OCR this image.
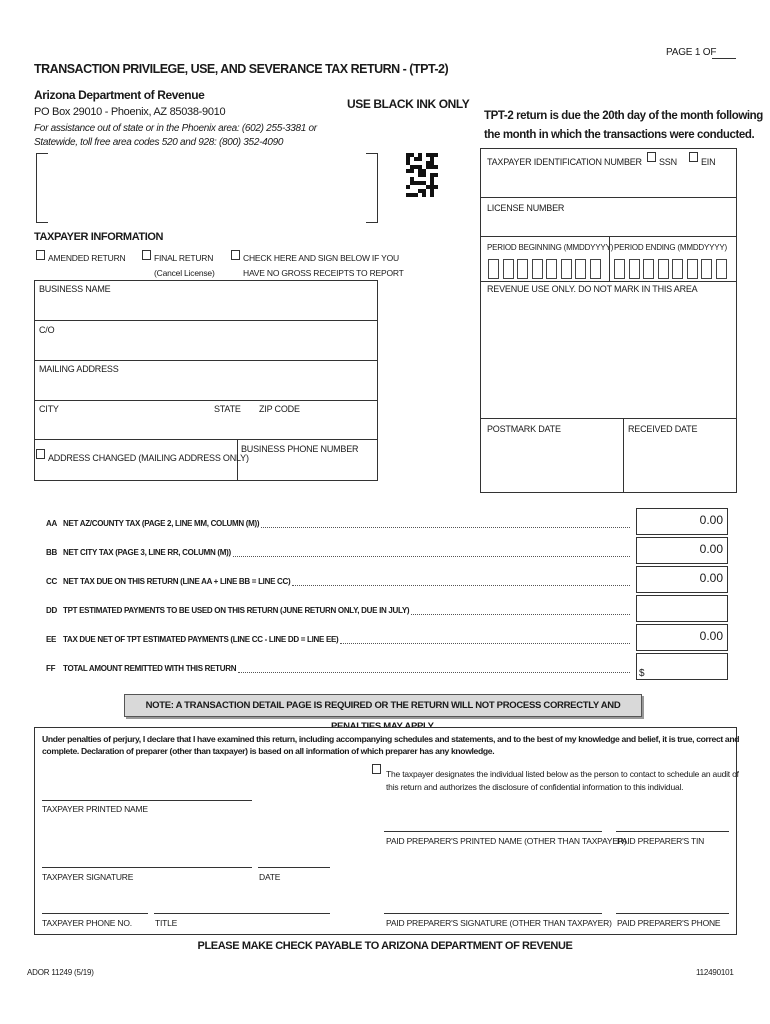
PAGE 1 OF
TRANSACTION PRIVILEGE, USE, AND SEVERANCE TAX RETURN - (TPT-2)
Arizona Department of Revenue
PO Box 29010 - Phoenix, AZ 85038-9010
For assistance out of state or in the Phoenix area: (602) 255-3381 or
Statewide, toll free area codes 520 and 928: (800) 352-4090
USE BLACK INK ONLY
TPT-2 return is due the 20th day of the month following
the month in which the transactions were conducted.
TAXPAYER IDENTIFICATION NUMBER SSN	EIN
LICENSE NUMBER
PERIOD BEGINNING (MMDDYYYY) PERIOD ENDING (MMDDYYYY)
REVENUE USE ONLY. DO NOT MARK IN THIS AREA
POSTMARK DATE	RECEIVED DATE
TAXPAYER INFORMATION
AMENDED RETURN	FINAL RETURN
(Cancel License)
CHECK HERE AND SIGN BELOW IF YOU
HAVE NO GROSS RECEIPTS TO REPORT
BUSINESS NAME
C/O
MAILING ADDRESS
CITY	STATE ZIP CODE
ADDRESS CHANGED (MAILING ADDRESS ONLY)
BUSINESS PHONE NUMBER
AA NET AZ/COUNTY TAX (PAGE 2, LINE MM, COLUMN (M))	0.00
BB NET CITY TAX (PAGE 3, LINE RR, COLUMN (M))	0.00
CC NET TAX DUE ON THIS RETURN (LINE AA + LINE BB = LINE CC)	0.00
DD TPT ESTIMATED PAYMENTS TO BE USED ON THIS RETURN (JUNE RETURN ONLY, DUE IN JULY)
EE TAX DUE NET OF TPT ESTIMATED PAYMENTS (LINE CC - LINE DD = LINE EE)	0.00
FF TOTAL AMOUNT REMITTED WITH THIS RETURN	$
NOTE: A TRANSACTION DETAIL PAGE IS REQUIRED OR THE RETURN WILL NOT PROCESS CORRECTLY AND
Under penalties of perjury, I declare that I have examined this return, including accompanying schedules and statements, and to the best of my knowledge and belief, it is true, correct and
complete. Declaration of preparer (other than taxpayer) is based on all information of which preparer has any knowledge.
The taxpayer designates the individual listed below as the person to contact to schedule an audit of
this return and authorizes the disclosure of confidential information to this individual.
TAXPAYER PRINTED NAME
PAID PREPARER'S PRINTED NAME (OTHER THAN TAXPAYER)
PAID PREPARER'S TIN
TAXPAYER SIGNATURE	DATE
TAXPAYER PHONE NO.	TITLE	PAID PREPARER'S SIGNATURE (OTHER THAN TAXPAYER) PAID PREPARER'S PHONE
PLEASE MAKE CHECK PAYABLE TO ARIZONA DEPARTMENT OF REVENUE
ADOR 11249 (5/19)	112490101
